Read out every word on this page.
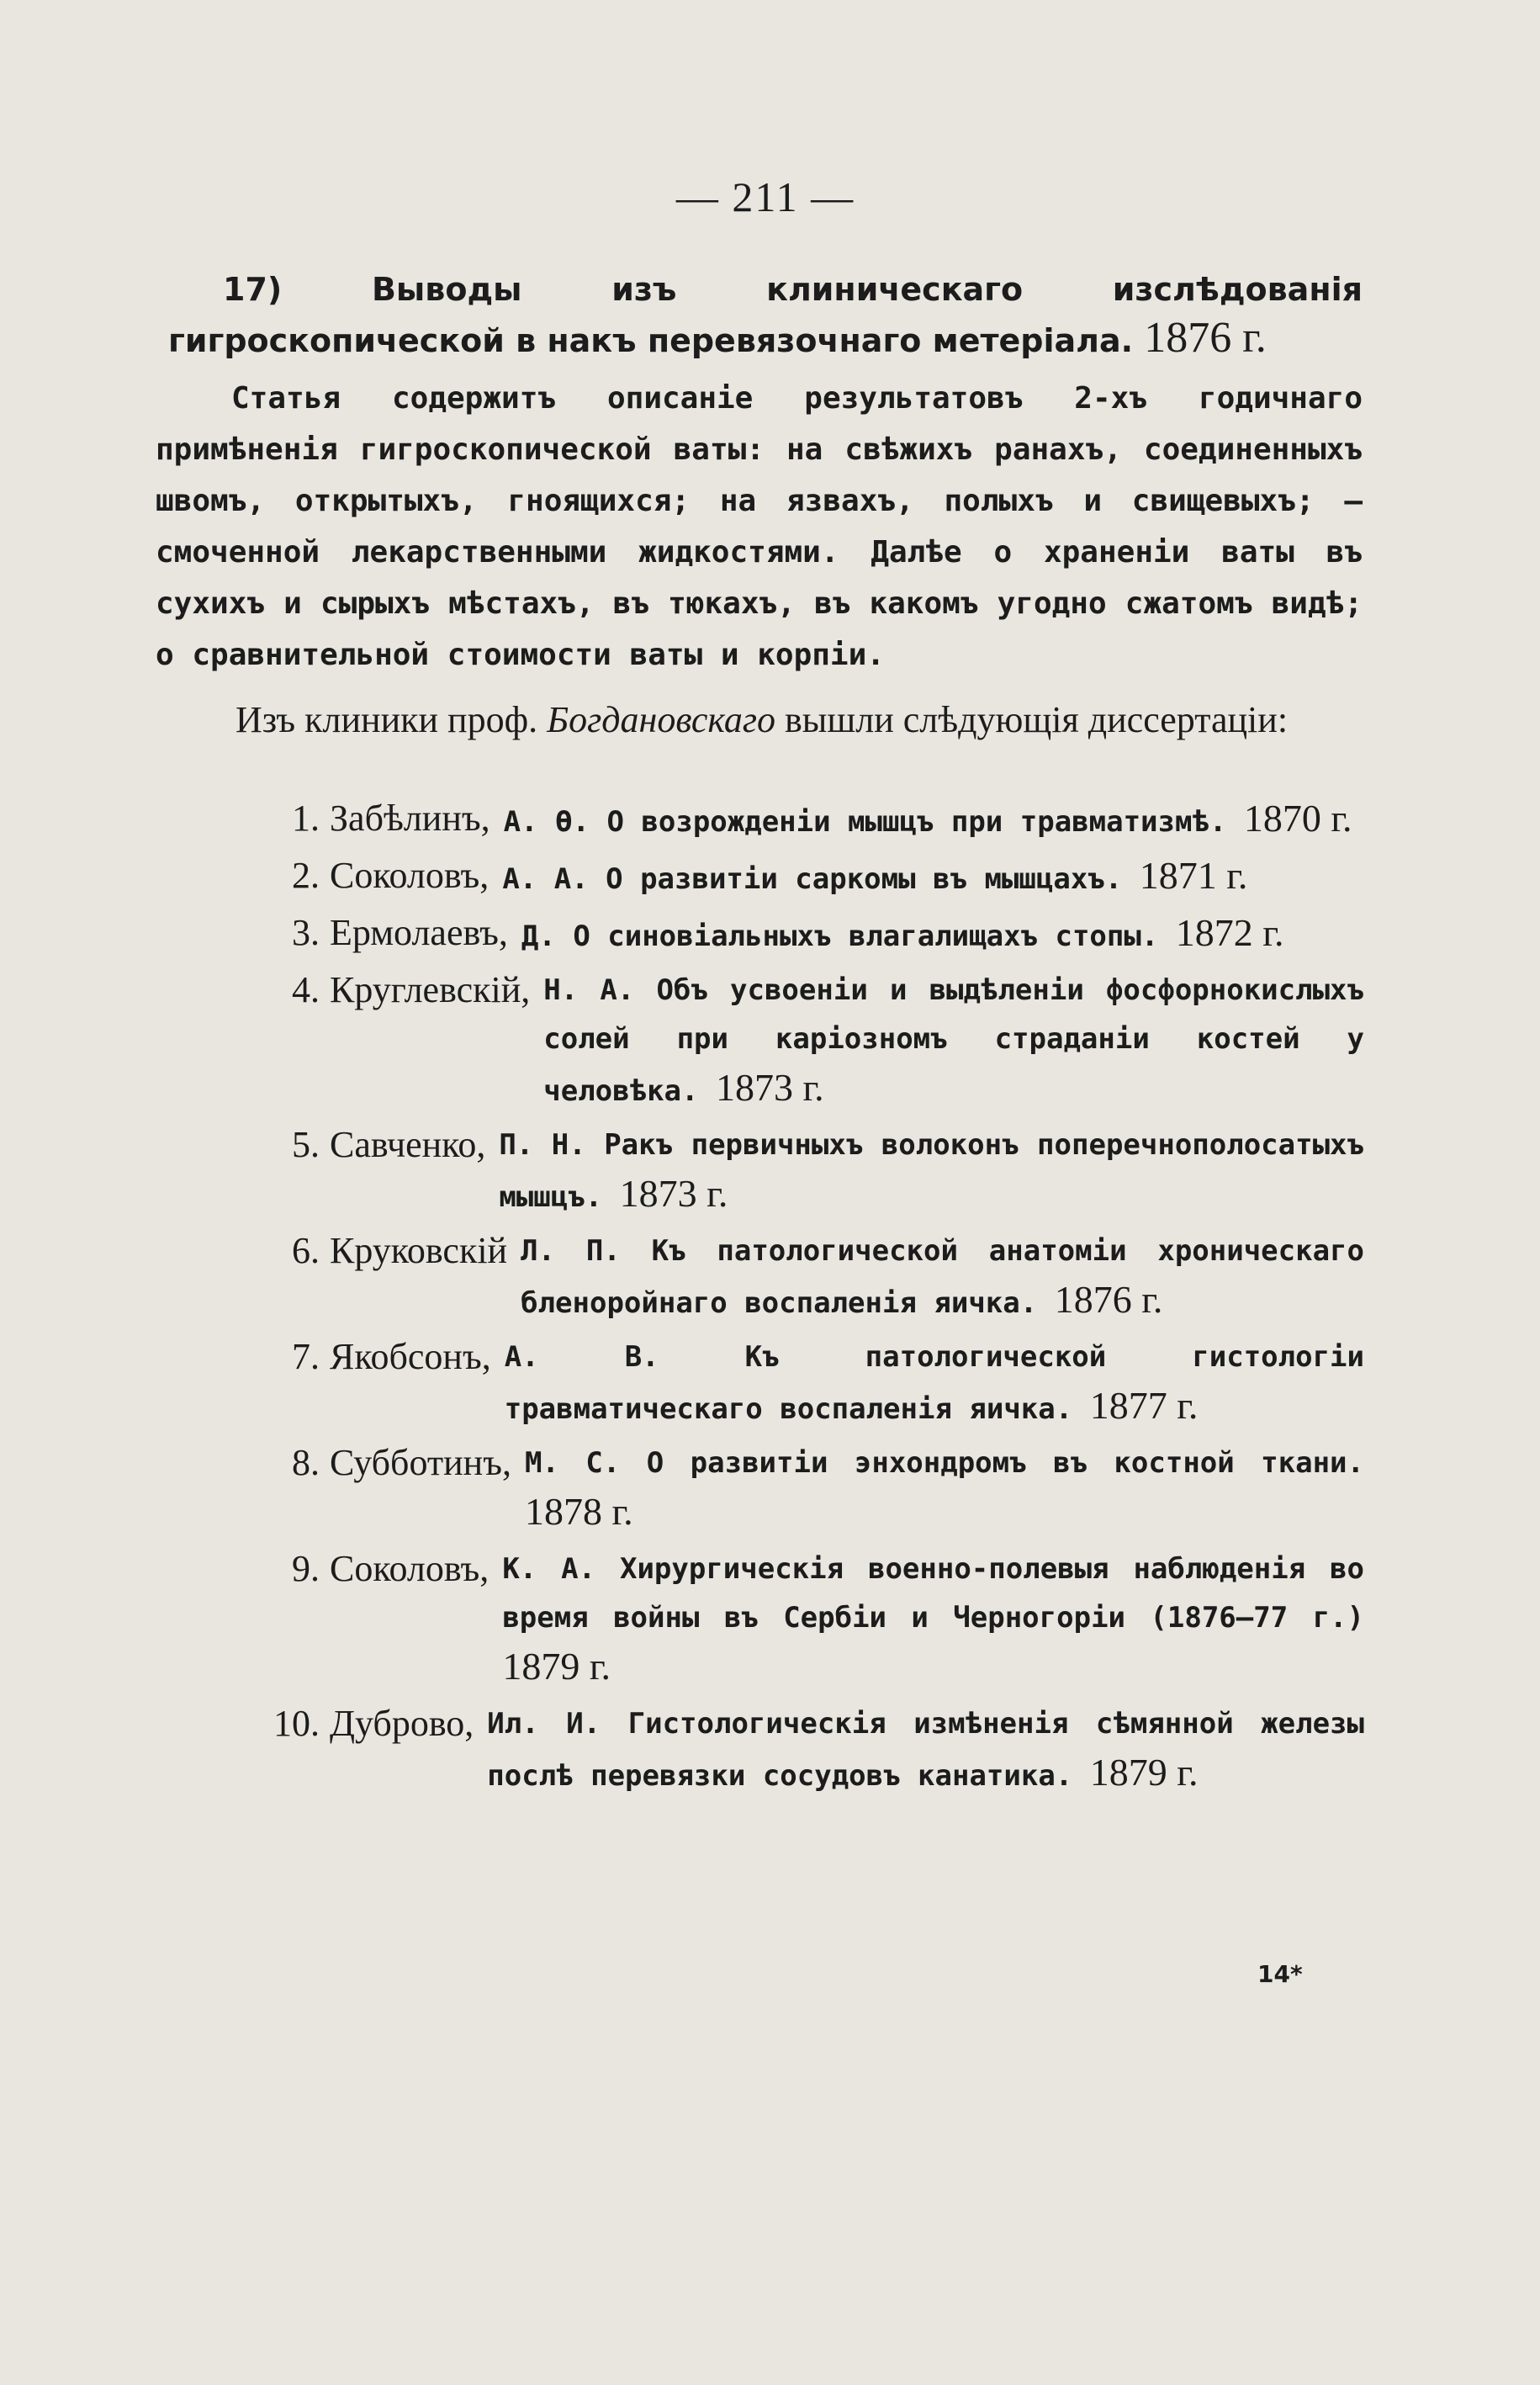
— 211 —
17)	Выводы изъ клиническаго изслѣдованія гигроскопической в накъ перевязочнаго метеріала. 1876 г.
Статья содержитъ описаніе результатовъ 2-хъ годичнаго примѣненія гигроскопической ваты: на свѣжихъ ранахъ, соединенныхъ швомъ, открытыхъ, гноящихся; на язвахъ, полыхъ и свищевыхъ; — смоченной лекарственными жидкостями. Далѣе о храненіи ваты въ сухихъ и сырыхъ мѣстахъ, въ тюкахъ, въ какомъ угодно сжатомъ видѣ; о сравнительной стоимости ваты и корпіи.
Изъ клиники проф. Богдановскаго вышли слѣдующія диссертаціи:
1. Забѣлинъ, А. Ѳ. О возрожденіи мышцъ при травматизмѣ. 1870 г.
2. Соколовъ, А. А. О развитіи саркомы въ мышцахъ. 1871 г.
3. Ермолаевъ, Д. О синовіальныхъ влагалищахъ стопы. 1872 г.
4. Круглевскій, Н. А. Объ усвоеніи и выдѣленіи фосфорнокислыхъ солей при каріозномъ страданіи костей у человѣка. 1873 г.
5. Савченко, П. Н. Ракъ первичныхъ волоконъ поперечнополосатыхъ мышцъ. 1873 г.
6. Круковскій Л. П. Къ патологической анатоміи хроническаго бленоройнаго воспаленія яичка. 1876 г.
7. Якобсонъ, А. В. Къ патологической гистологіи травматическаго воспаленія яичка. 1877 г.
8. Субботинъ, М. С. О развитіи энхондромъ въ костной ткани. 1878 г.
9. Соколовъ, К. А. Хирургическія военно-полевыя наблюденія во время войны въ Сербіи и Черногоріи (1876—77 г.) 1879 г.
10. Дуброво, Ил. И. Гистологическія измѣненія сѣмянной железы послѣ перевязки сосудовъ канатика. 1879 г.
14*
